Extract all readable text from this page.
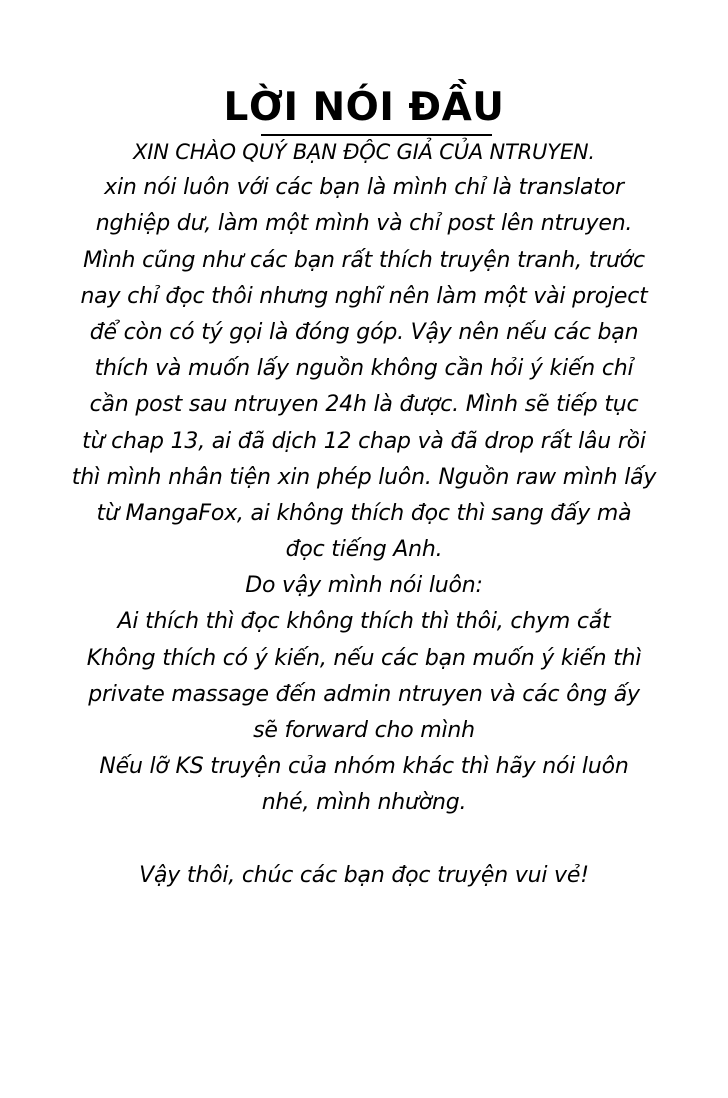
LỜI NÓI ĐẦU
XIN CHÀO QUÝ BẠN ĐỘC GIẢ CỦA NTRUYEN.
xin nói luôn với các bạn là mình chỉ là translator
nghiệp dư, làm một mình và chỉ post lên ntruyen.
Mình cũng như các bạn rất thích truyện tranh, trước
nay chỉ đọc thôi nhưng nghĩ nên làm một vài project
để còn có tý gọi là đóng góp. Vậy nên nếu các bạn
thích và muốn lấy nguồn không cần hỏi ý kiến chỉ
cần post sau ntruyen 24h là được. Mình sẽ tiếp tục
từ chap 13, ai đã dịch 12 chap và đã drop rất lâu rồi
thì mình nhân tiện xin phép luôn. Nguồn raw mình lấy
từ MangaFox, ai không thích đọc thì sang đấy mà
đọc tiếng Anh.
Do vậy mình nói luôn:
Ai thích thì đọc không thích thì thôi, chym cắt
Không thích có ý kiến, nếu các bạn muốn ý kiến thì
private massage đến admin ntruyen và các ông ấy
sẽ forward cho mình
Nếu lỡ KS truyện của nhóm khác thì hãy nói luôn
nhé, mình nhường.
Vậy thôi, chúc các bạn đọc truyện vui vẻ!
